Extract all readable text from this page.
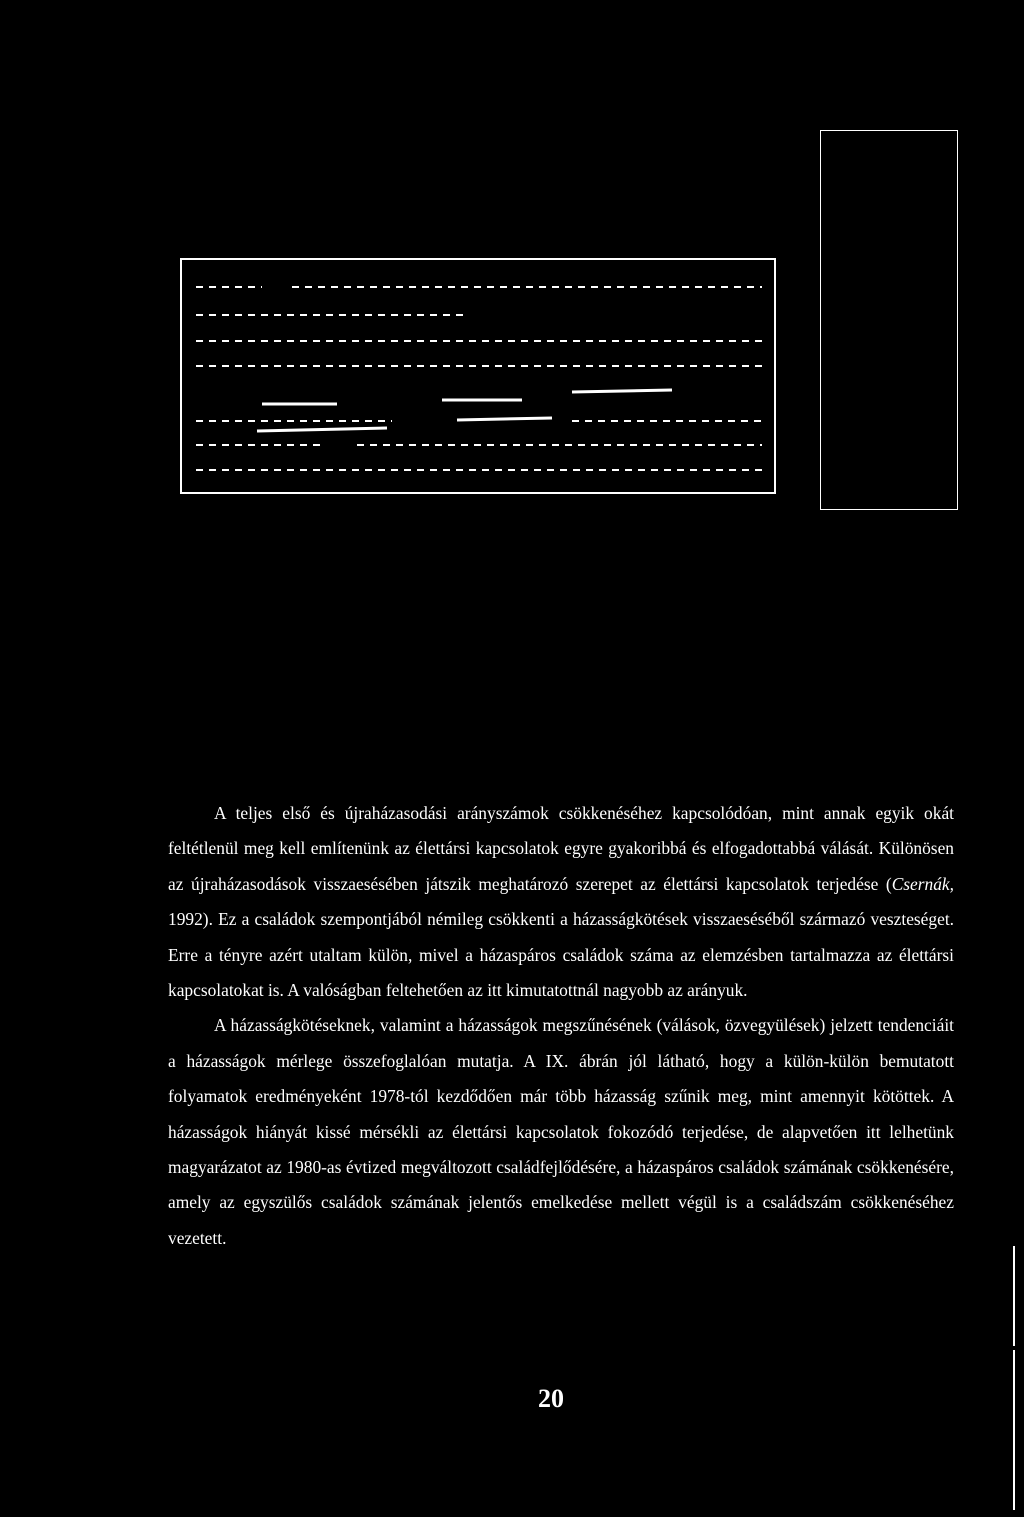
A teljes első és újraházasodási arányszámok csökkenéséhez kapcsolódóan, mint annak egyik okát feltétlenül meg kell említenünk az élettársi kapcsolatok egyre gyakoribbá és elfogadottabbá válását. Különösen az újraházasodások visszaesésében játszik meghatározó szerepet az élettársi kapcsolatok terjedése (Csernák, 1992). Ez a családok szempontjából némileg csökkenti a házasságkötések visszaeséséből származó veszteséget. Erre a tényre azért utaltam külön, mivel a házaspáros családok száma az elemzésben tartalmazza az élettársi kapcsolatokat is. A valóságban feltehetően az itt kimutatottnál nagyobb az arányuk.

A házasságkötéseknek, valamint a házasságok megszűnésének (válások, özvegyülések) jelzett tendenciáit a házasságok mérlege összefoglalóan mutatja. A IX. ábrán jól látható, hogy a külön-külön bemutatott folyamatok eredményeként 1978-tól kezdődően már több házasság szűnik meg, mint amennyit kötöttek. A házasságok hiányát kissé mérsékli az élettársi kapcsolatok fokozódó terjedése, de alapvetően itt lelhetünk magyarázatot az 1980-as évtized megváltozott családfejlődésére, a házaspáros családok számának csökkenésére, amely az egyszülős családok számának jelentős emelkedése mellett végül is a családszám csökkenéséhez vezetett.

20
